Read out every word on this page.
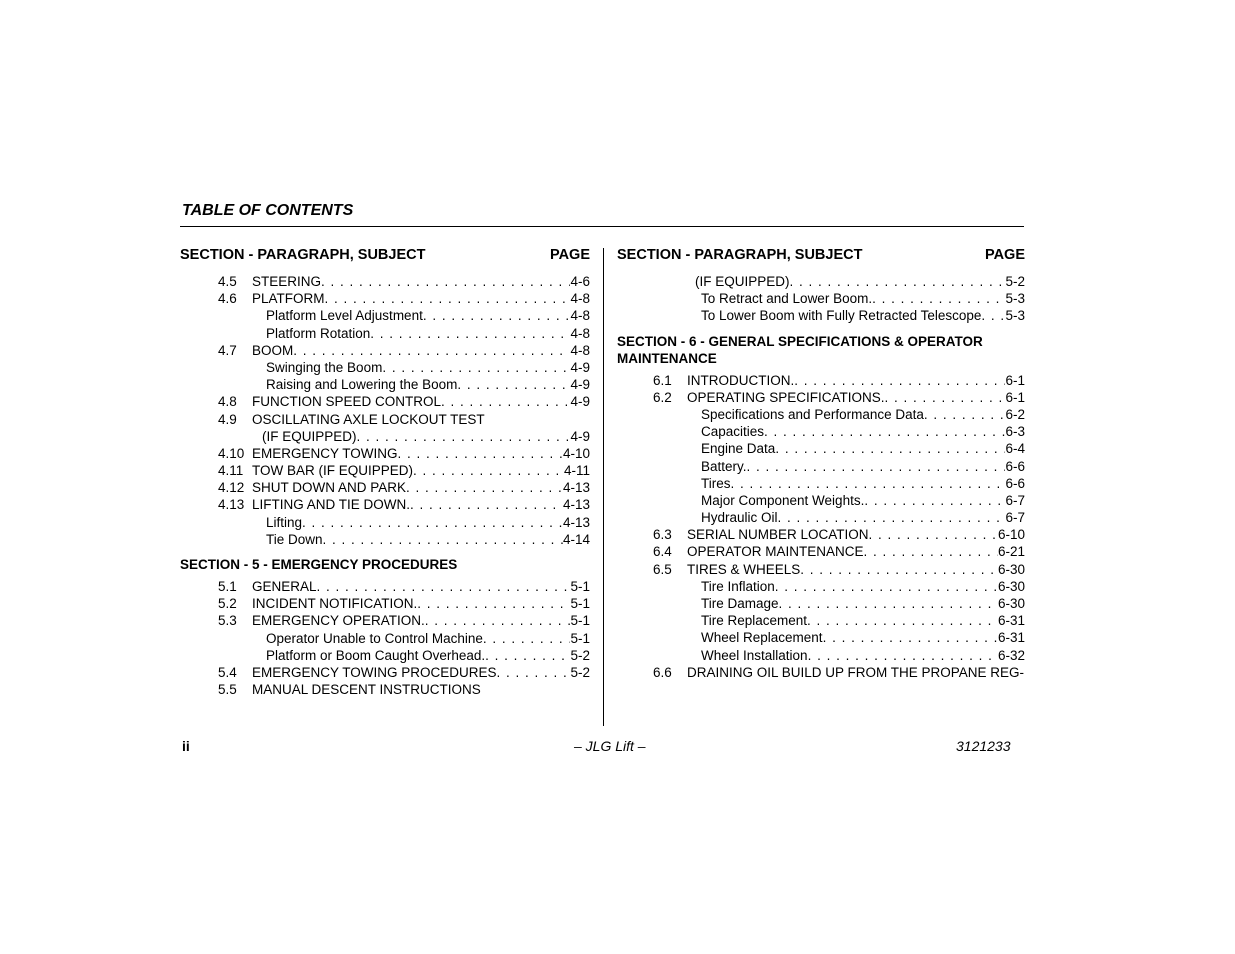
TABLE OF CONTENTS
SECTION - PARAGRAPH, SUBJECT	PAGE
4.5 STEERING . . .	4-6
4.6 PLATFORM . . .	4-8
Platform Level Adjustment . . .	4-8
Platform Rotation . . .	4-8
4.7 BOOM . . .	4-8
Swinging the Boom . . .	4-9
Raising and Lowering the Boom . . .	4-9
4.8 FUNCTION SPEED CONTROL . . .	4-9
4.9 OSCILLATING AXLE LOCKOUT TEST
(IF EQUIPPED) . . .	4-9
4.10 EMERGENCY TOWING . . .	4-10
4.11 TOW BAR (IF EQUIPPED) . . .	4-11
4.12 SHUT DOWN AND PARK . . .	4-13
4.13 LIFTING AND TIE DOWN. . . .	4-13
Lifting . . .	4-13
Tie Down . . .	4-14
SECTION - 5 - EMERGENCY PROCEDURES
5.1 GENERAL . . .	5-1
5.2 INCIDENT NOTIFICATION. . . .	5-1
5.3 EMERGENCY OPERATION. . . .	5-1
Operator Unable to Control Machine . . .	5-1
Platform or Boom Caught Overhead. . . .	5-2
5.4 EMERGENCY TOWING PROCEDURES . . .	5-2
5.5 MANUAL DESCENT INSTRUCTIONS
SECTION - PARAGRAPH, SUBJECT	PAGE
(IF EQUIPPED) . . .	5-2
To Retract and Lower Boom. . . .	5-3
To Lower Boom with Fully Retracted Telescope . . . 5-3
SECTION - 6 - GENERAL SPECIFICATIONS & OPERATOR
MAINTENANCE
6.1 INTRODUCTION. . . .	6-1
6.2 OPERATING SPECIFICATIONS. . . .	6-1
Specifications and Performance Data . . .	6-2
Capacities . . .	6-3
Engine Data . . .	6-4
Battery. . . .	6-6
Tires . . .	6-6
Major Component Weights. . . .	6-7
Hydraulic Oil . . .	6-7
6.3 SERIAL NUMBER LOCATION . . .	6-10
6.4 OPERATOR MAINTENANCE . . .	6-21
6.5 TIRES & WHEELS . . .	6-30
Tire Inflation . . .	6-30
Tire Damage . . .	6-30
Tire Replacement . . .	6-31
Wheel Replacement . . .	6-31
Wheel Installation . . .	6-32
6.6 DRAINING OIL BUILD UP FROM THE PROPANE REG-
ii	– JLG Lift –	3121233
